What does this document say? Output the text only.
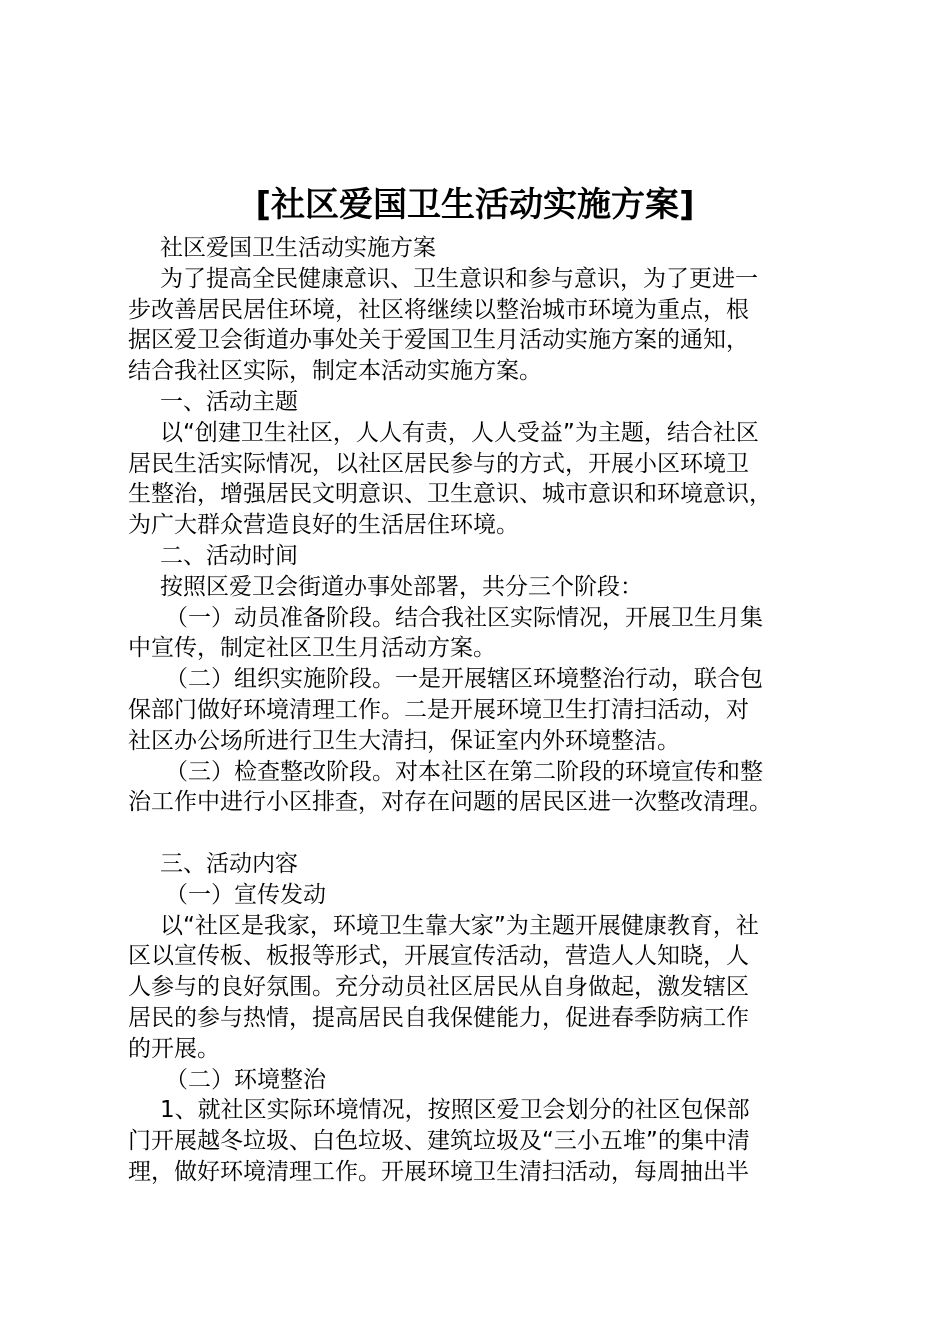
[社区爱国卫生活动实施方案]
社区爱国卫生活动实施方案
为了提高全民健康意识、卫生意识和参与意识，为了更进一
步改善居民居住环境，社区将继续以整治城市环境为重点，根
据区爱卫会街道办事处关于爱国卫生月活动实施方案的通知，
结合我社区实际，制定本活动实施方案。
一、活动主题
以“创建卫生社区，人人有责，人人受益”为主题，结合社区
居民生活实际情况，以社区居民参与的方式，开展小区环境卫
生整治，增强居民文明意识、卫生意识、城市意识和环境意识，
为广大群众营造良好的生活居住环境。
二、活动时间
按照区爱卫会街道办事处部署，共分三个阶段：
（一）动员准备阶段。结合我社区实际情况，开展卫生月集
中宣传，制定社区卫生月活动方案。
（二）组织实施阶段。一是开展辖区环境整治行动，联合包
保部门做好环境清理工作。二是开展环境卫生打清扫活动，对
社区办公场所进行卫生大清扫，保证室内外环境整洁。
（三）检查整改阶段。对本社区在第二阶段的环境宣传和整
治工作中进行小区排查，对存在问题的居民区进一次整改清理。
三、活动内容
（一）宣传发动
以“社区是我家，环境卫生靠大家”为主题开展健康教育，社
区以宣传板、板报等形式，开展宣传活动，营造人人知晓，人
人参与的良好氛围。充分动员社区居民从自身做起，激发辖区
居民的参与热情，提高居民自我保健能力，促进春季防病工作
的开展。
（二）环境整治
1、就社区实际环境情况，按照区爱卫会划分的社区包保部
门开展越冬垃圾、白色垃圾、建筑垃圾及“三小五堆”的集中清
理，做好环境清理工作。开展环境卫生清扫活动，每周抽出半
